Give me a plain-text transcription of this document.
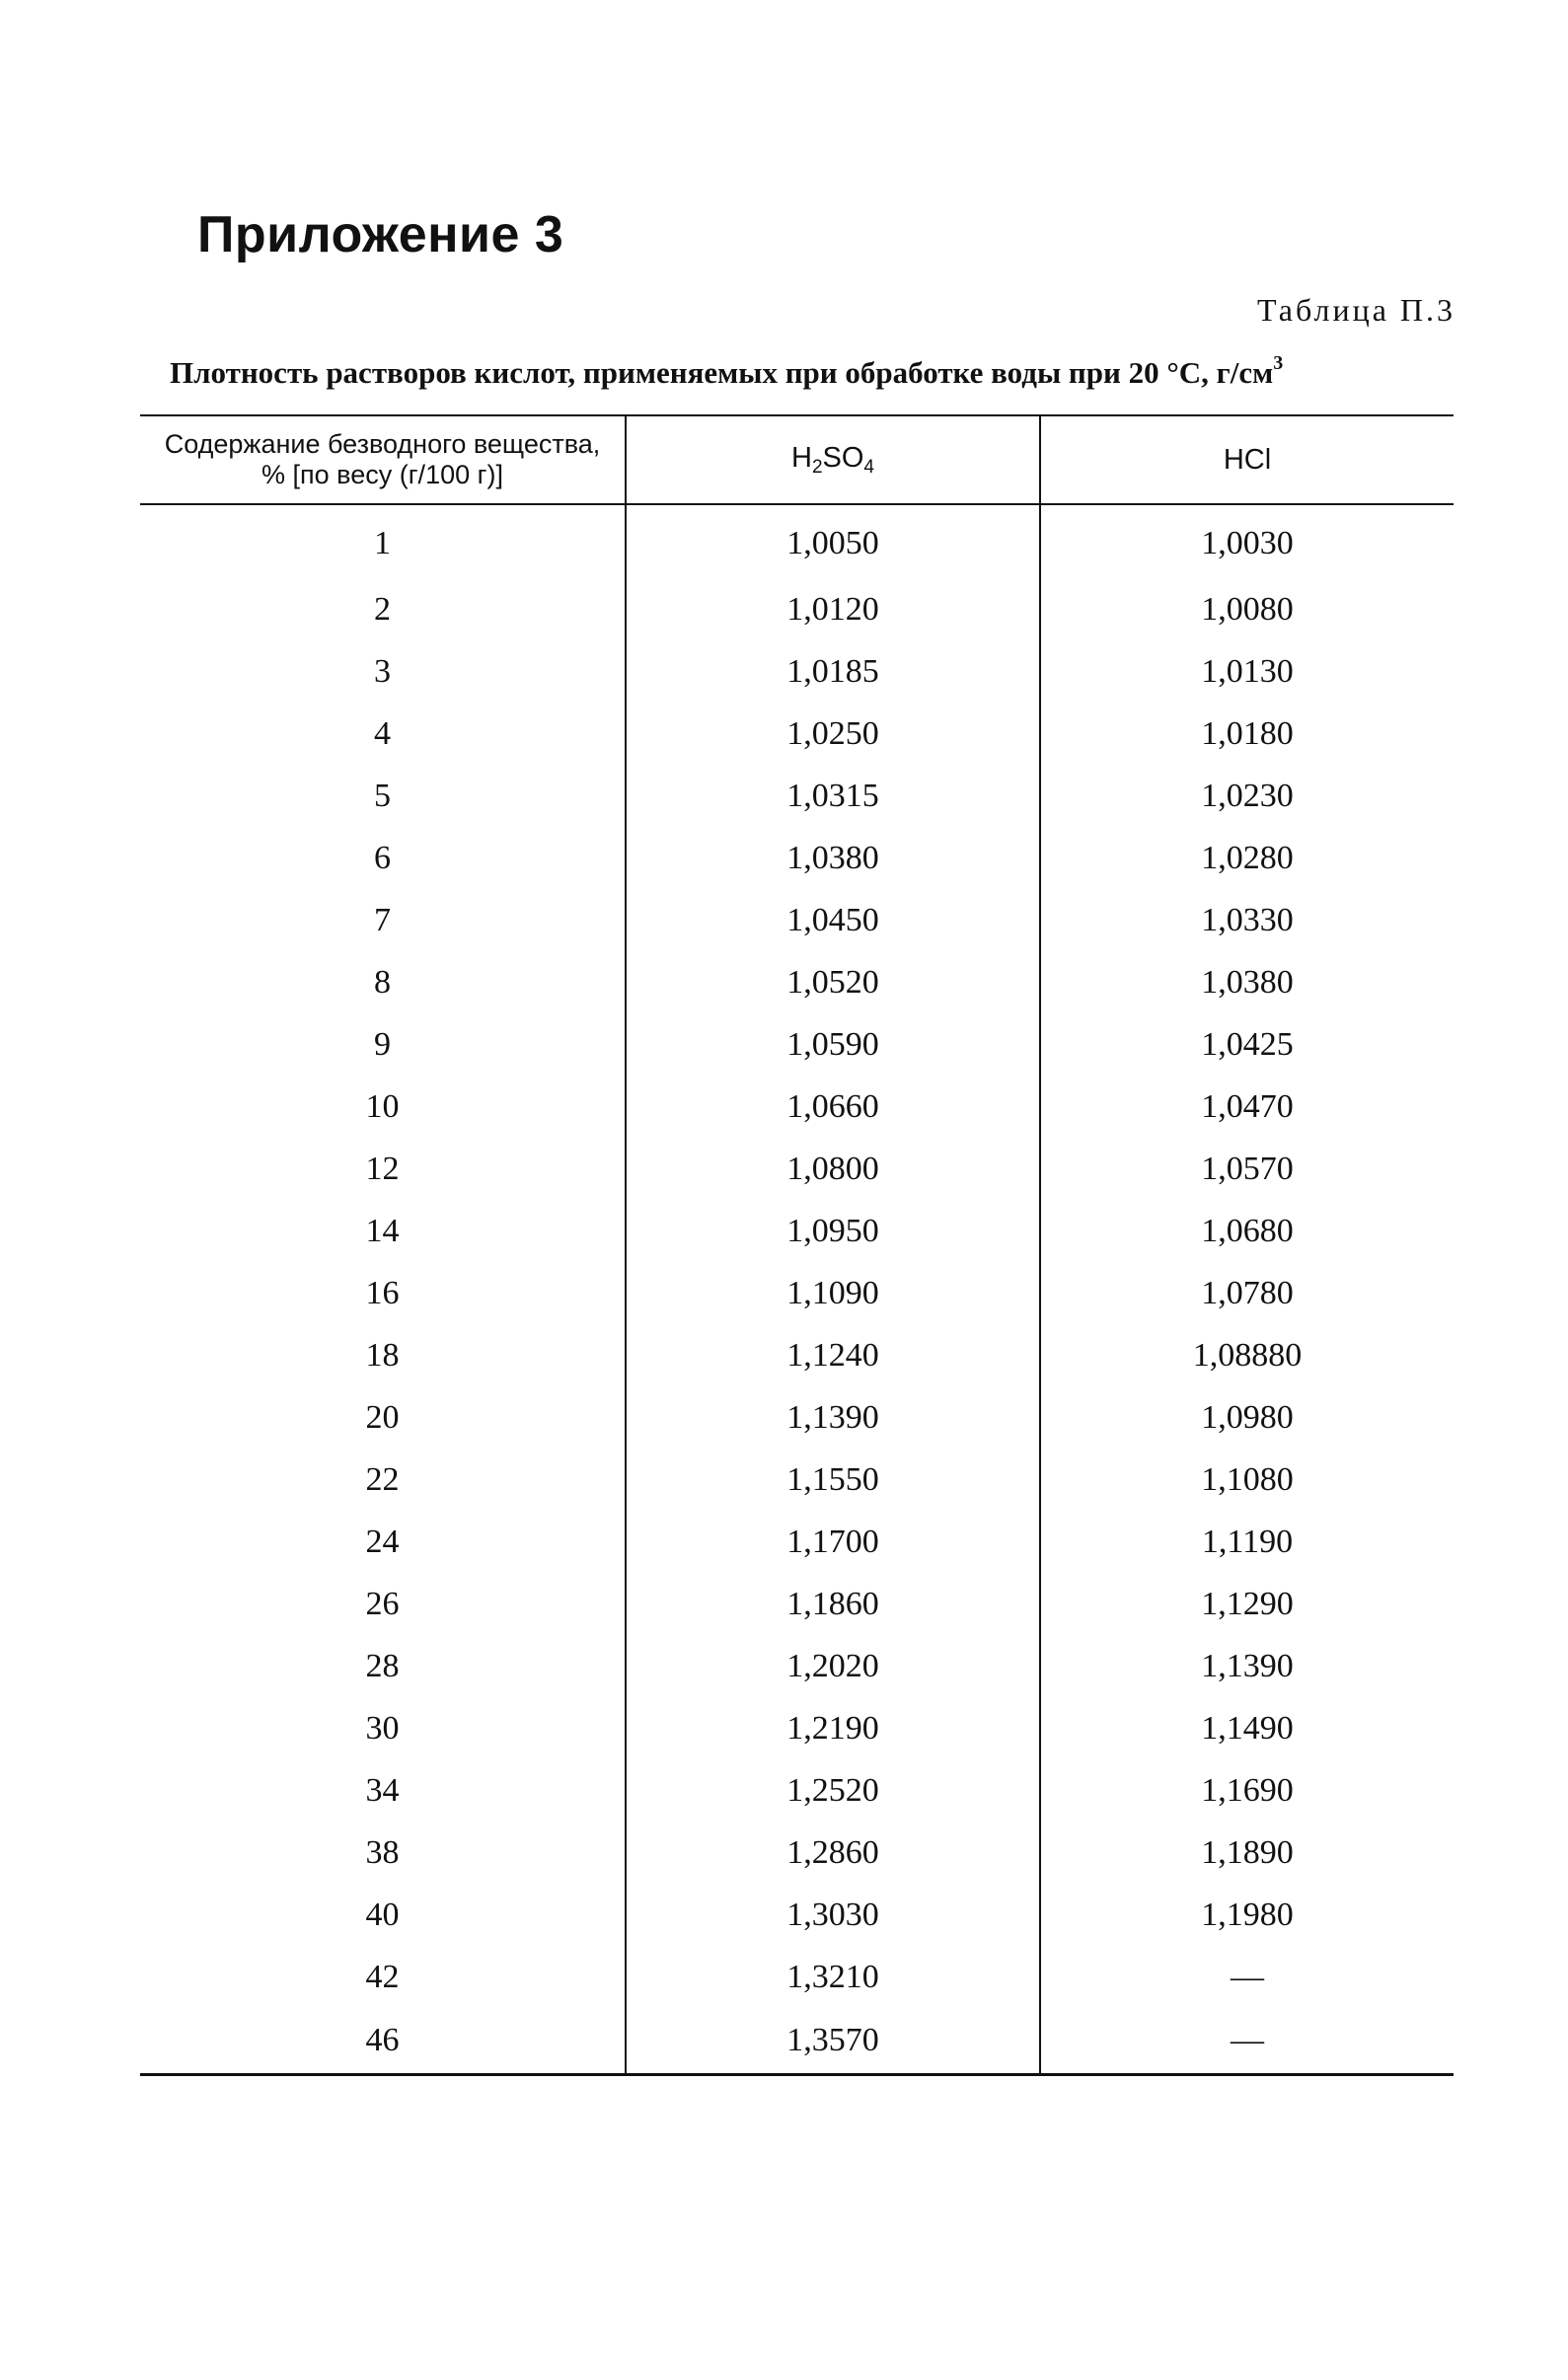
Приложение 3
Таблица П.3
Плотность растворов кислот, применяемых при обработке воды при 20 °С, $г/см^3$
Содержание безводного вещества, % [по весу (г/100 г)]	$H_2SO_4$	HCl
1	1,0050	1,0030
2	1,0120	1,0080
3	1,0185	1,0130
4	1,0250	1,0180
5	1,0315	1,0230
6	1,0380	1,0280
7	1,0450	1,0330
8	1,0520	1,0380
9	1,0590	1,0425
10	1,0660	1,0470
12	1,0800	1,0570
14	1,0950	1,0680
16	1,1090	1,0780
18	1,1240	1,08880
20	1,1390	1,0980
22	1,1550	1,1080
24	1,1700	1,1190
26	1,1860	1,1290
28	1,2020	1,1390
30	1,2190	1,1490
34	1,2520	1,1690
38	1,2860	1,1890
40	1,3030	1,1980
42	1,3210	—
46	1,3570	—
